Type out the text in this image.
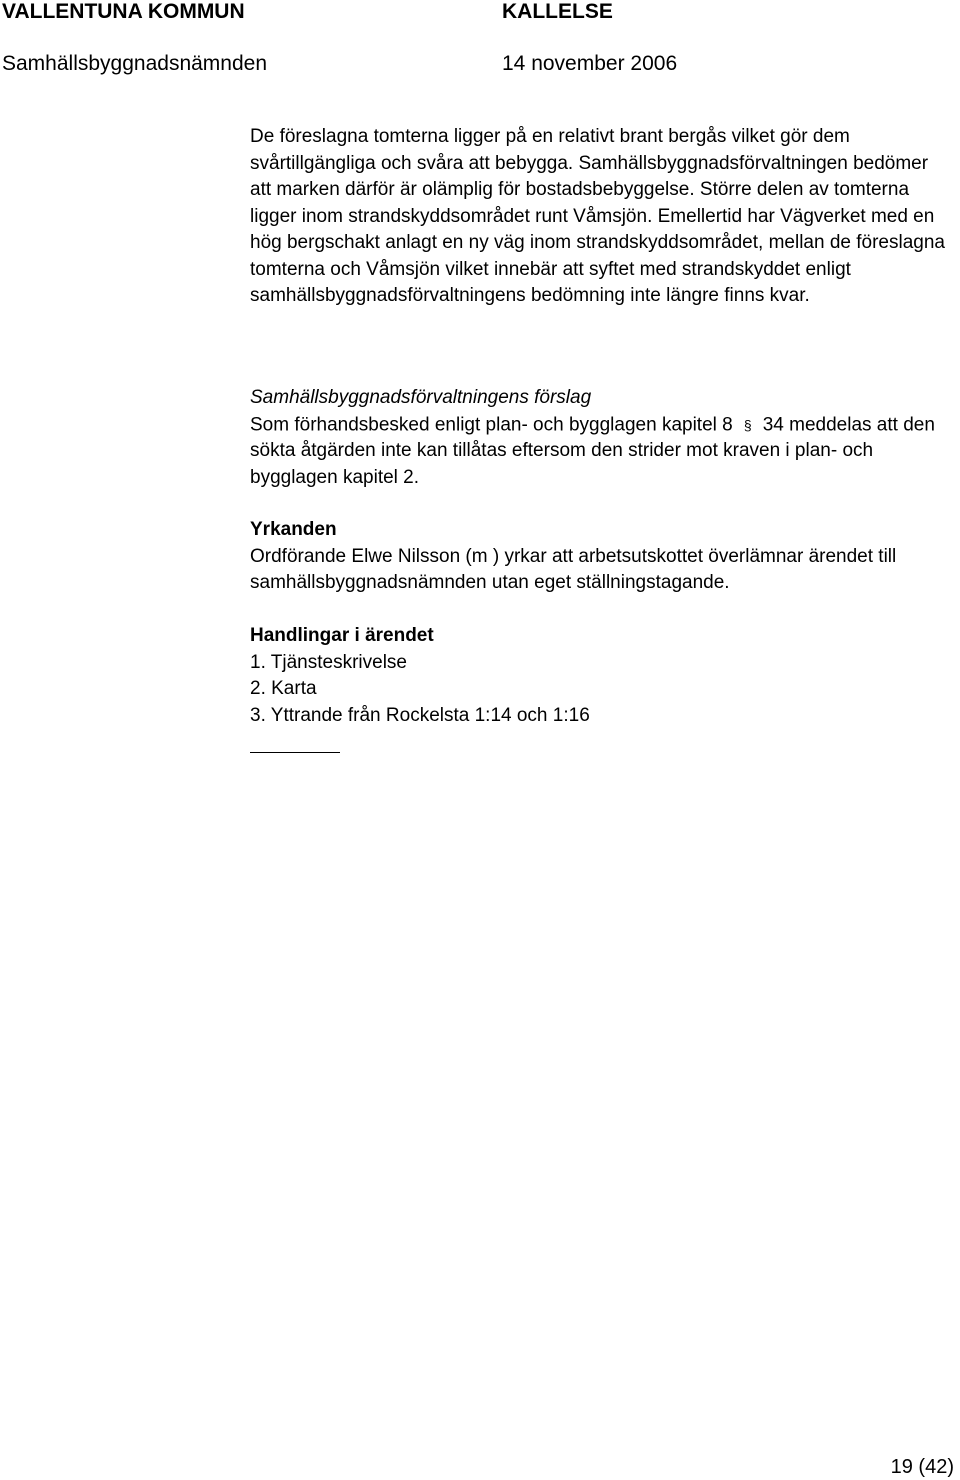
VALLENTUNA KOMMUN	KALLELSE
Samhällsbyggnadsnämnden	14 november 2006

De föreslagna tomterna ligger på en relativt brant bergås vilket gör dem svårtillgängliga och svåra att bebygga. Samhällsbyggnadsförvaltningen bedömer att marken därför är olämplig för bostadsbebyggelse. Större delen av tomterna ligger inom strandskyddsområdet runt Våmsjön. Emellertid har Vägverket med en hög bergschakt anlagt en ny väg inom strandskyddsområdet, mellan de föreslagna tomterna och Våmsjön vilket innebär att syftet med strandskyddet enligt samhällsbyggnadsförvaltningens bedömning inte längre finns kvar.

Samhällsbyggnadsförvaltningens förslag

Som förhandsbesked enligt plan- och bygglagen kapitel 8 § 34 meddelas att den sökta åtgärden inte kan tillåtas eftersom den strider mot kraven i plan- och bygglagen kapitel 2.

Yrkanden

Ordförande Elwe Nilsson (m ) yrkar att arbetsutskottet överlämnar ärendet till samhällsbyggnadsnämnden utan eget ställningstagande.

Handlingar i ärendet

1. Tjänsteskrivelse
2. Karta
3. Yttrande från Rockelsta 1:14 och 1:16
19 (42)
